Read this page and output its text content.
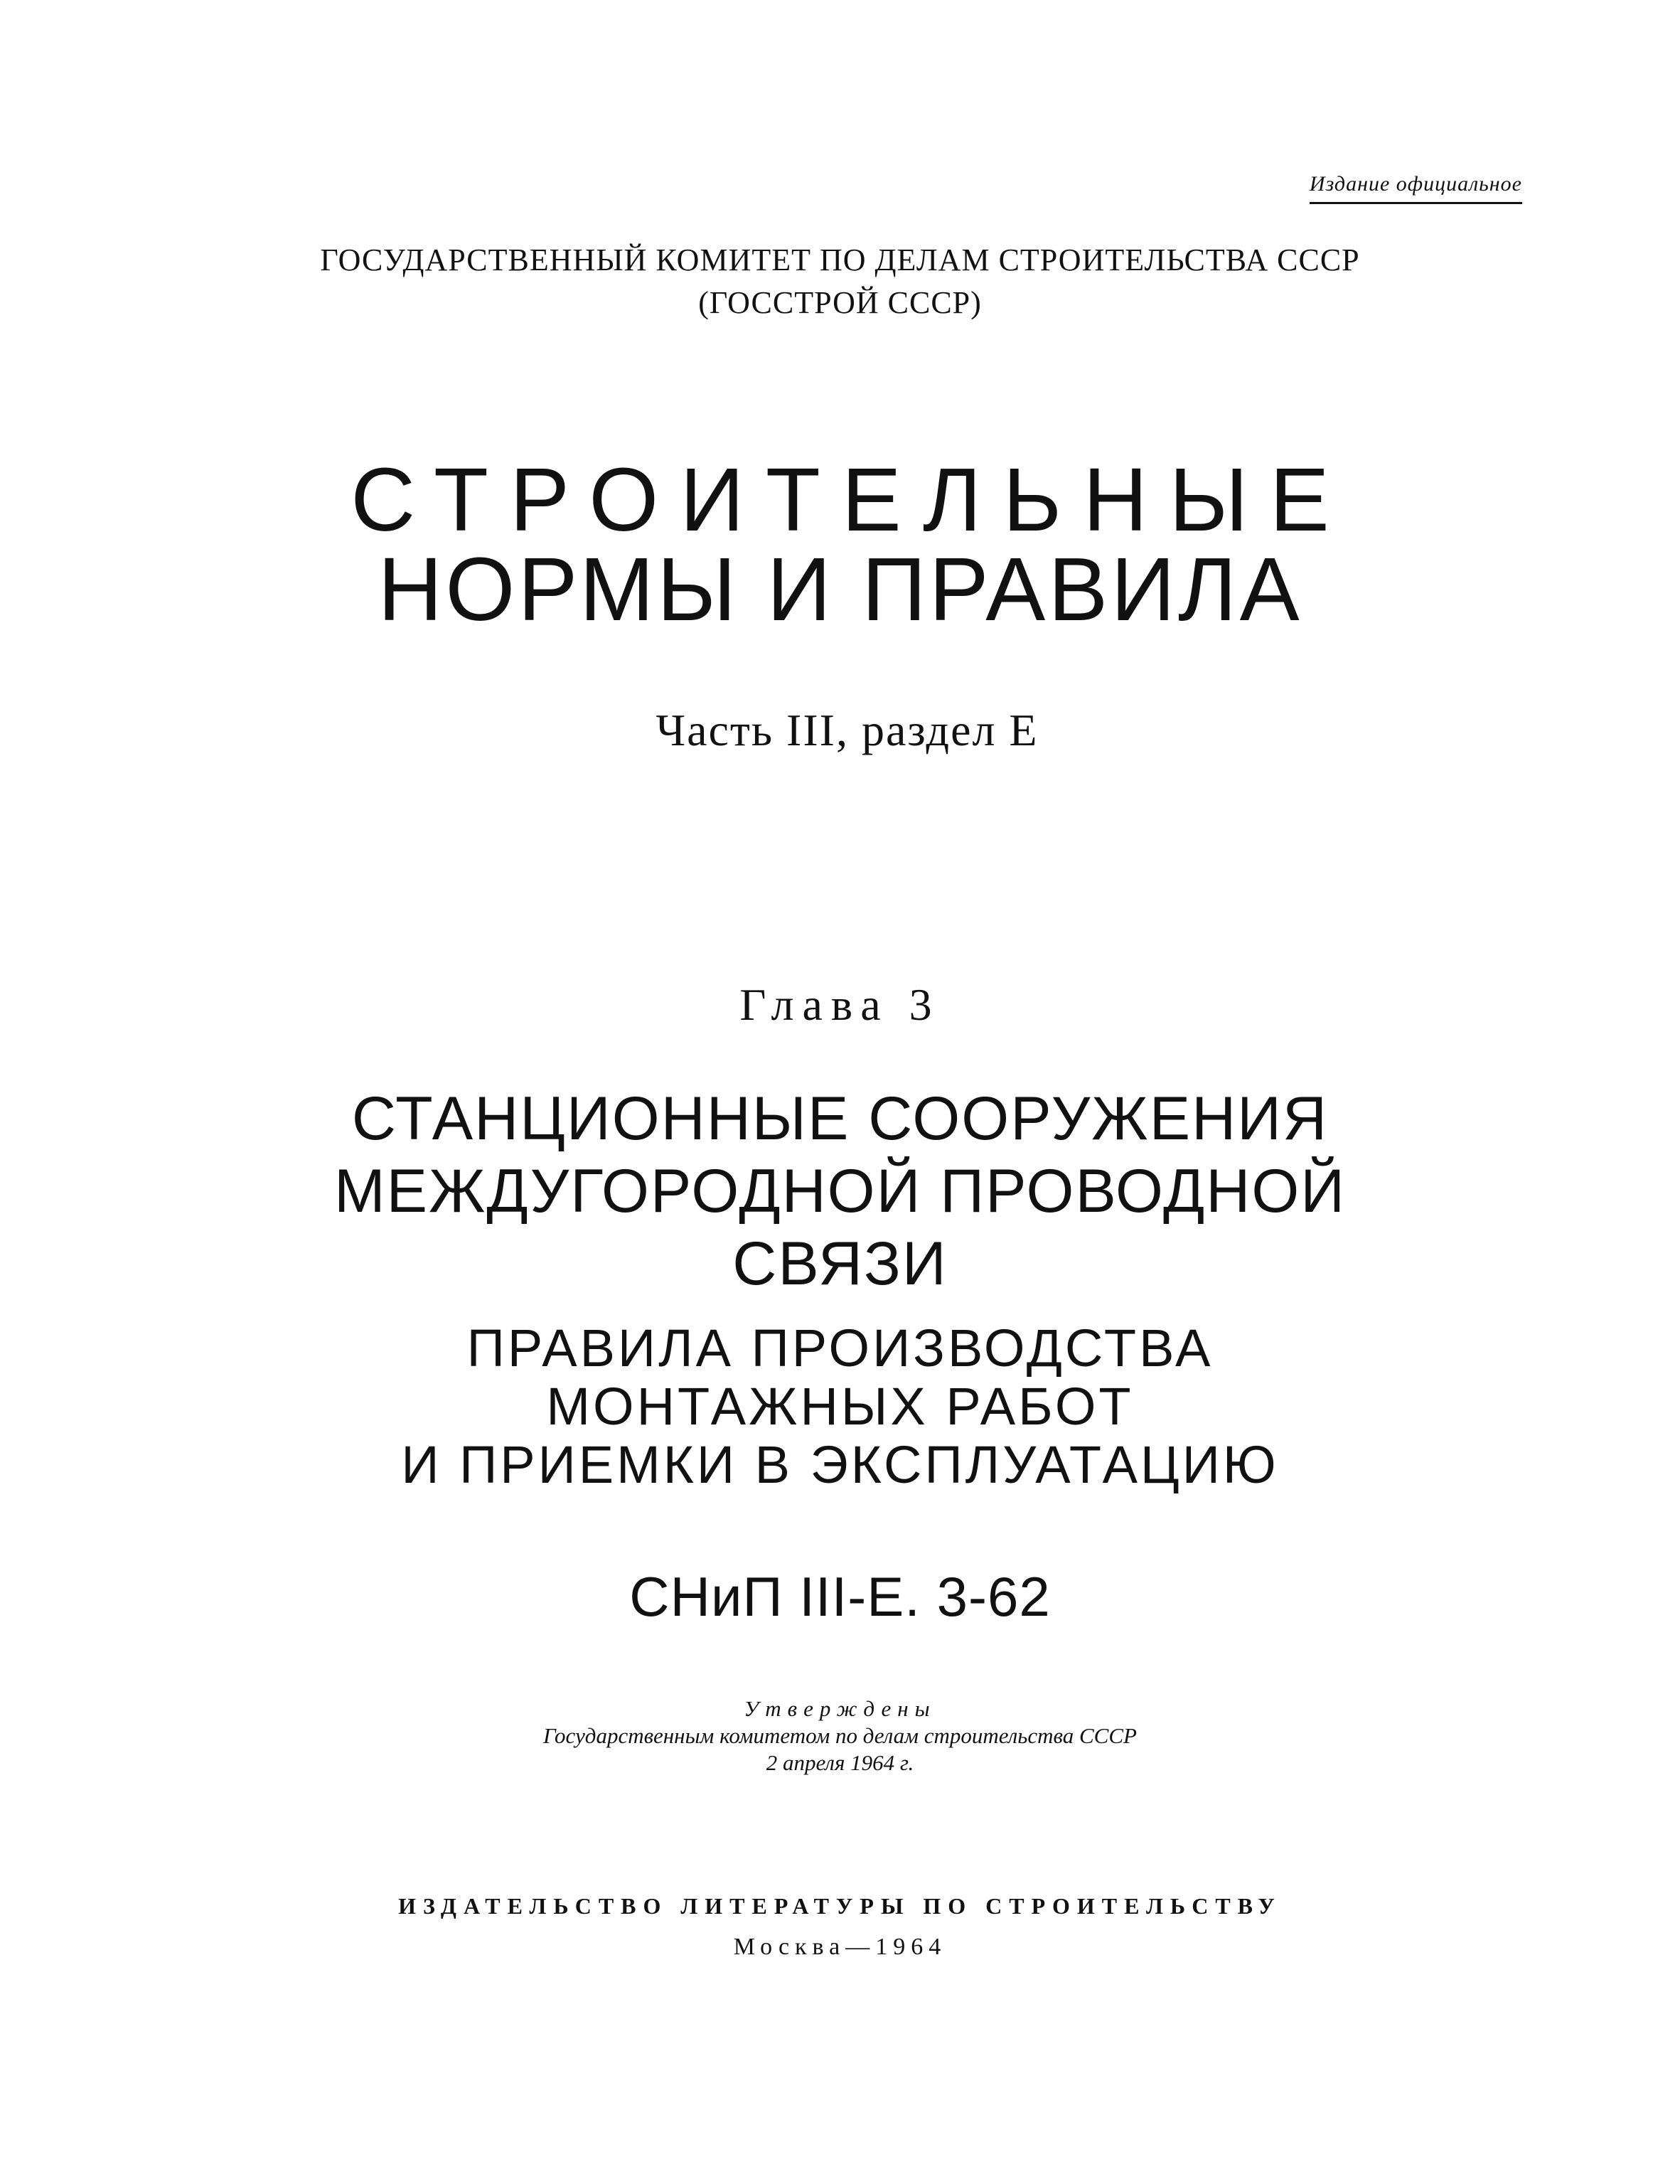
Издание официальное
ГОСУДАРСТВЕННЫЙ КОМИТЕТ ПО ДЕЛАМ СТРОИТЕЛЬСТВА СССР
(ГОССТРОЙ СССР)
СТРОИТЕЛЬНЫЕ
НОРМЫ И ПРАВИЛА
Часть III, раздел Е
Глава 3
СТАНЦИОННЫЕ СООРУЖЕНИЯ
МЕЖДУГОРОДНОЙ ПРОВОДНОЙ
СВЯЗИ
ПРАВИЛА ПРОИЗВОДСТВА
МОНТАЖНЫХ РАБОТ
И ПРИЕМКИ В ЭКСПЛУАТАЦИЮ
СНиП III-Е. 3-62
Утверждены
Государственным комитетом по делам строительства СССР
2 апреля 1964 г.
ИЗДАТЕЛЬСТВО ЛИТЕРАТУРЫ ПО СТРОИТЕЛЬСТВУ
Москва—1964
